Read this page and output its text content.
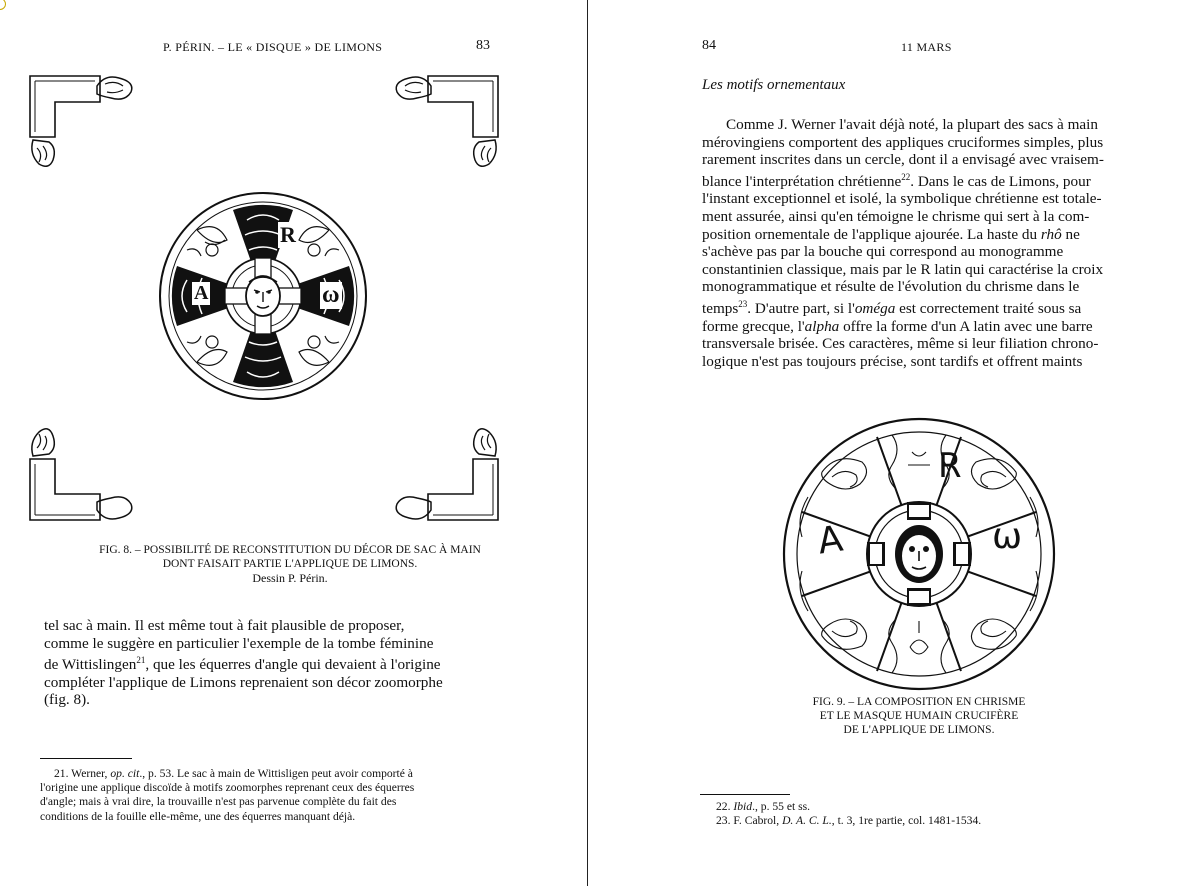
P. PÉRIN. – LE « DISQUE » DE LIMONS	83
R
A	ω
FIG. 8. – POSSIBILITÉ DE RECONSTITUTION DU DÉCOR DE SAC À MAIN
DONT FAISAIT PARTIE L'APPLIQUE DE LIMONS.
Dessin P. Périn.
tel sac à main. Il est même tout à fait plausible de proposer,
comme le suggère en particulier l'exemple de la tombe féminine
de Wittislingen$^{21}$, que les équerres d'angle qui devaient à l'origine
compléter l'applique de Limons reprenaient son décor zoomorphe
(fig. 8).
21. Werner, op. cit., p. 53. Le sac à main de Wittisligen peut avoir comporté à
l'origine une applique discoïde à motifs zoomorphes reprenant ceux des équerres
d'angle; mais à vrai dire, la trouvaille n'est pas parvenue complète du fait des
conditions de la fouille elle-même, une des équerres manquant déjà.
84	11 MARS
Les motifs ornementaux
Comme J. Werner l'avait déjà noté, la plupart des sacs à main
mérovingiens comportent des appliques cruciformes simples, plus
rarement inscrites dans un cercle, dont il a envisagé avec vraisem-
blance l'interprétation chrétienne$^{22}$. Dans le cas de Limons, pour
l'instant exceptionnel et isolé, la symbolique chrétienne est totale-
ment assurée, ainsi qu'en témoigne le chrisme qui sert à la com-
position ornementale de l'applique ajourée. La haste du rhô ne
s'achève pas par la bouche qui correspond au monogramme
constantinien classique, mais par le R latin qui caractérise la croix
monogrammatique et résulte de l'évolution du chrisme dans le
temps$^{23}$. D'autre part, si l'oméga est correctement traité sous sa
forme grecque, l'alpha offre la forme d'un A latin avec une barre
transversale brisée. Ces caractères, même si leur filiation chrono-
logique n'est pas toujours précise, sont tardifs et offrent maints
R
A	ω
FIG. 9. – LA COMPOSITION EN CHRISME
ET LE MASQUE HUMAIN CRUCIFÈRE
DE L'APPLIQUE DE LIMONS.
22. Ibid., p. 55 et ss.
23. F. Cabrol, D. A. C. L., t. 3, 1re partie, col. 1481-1534.
